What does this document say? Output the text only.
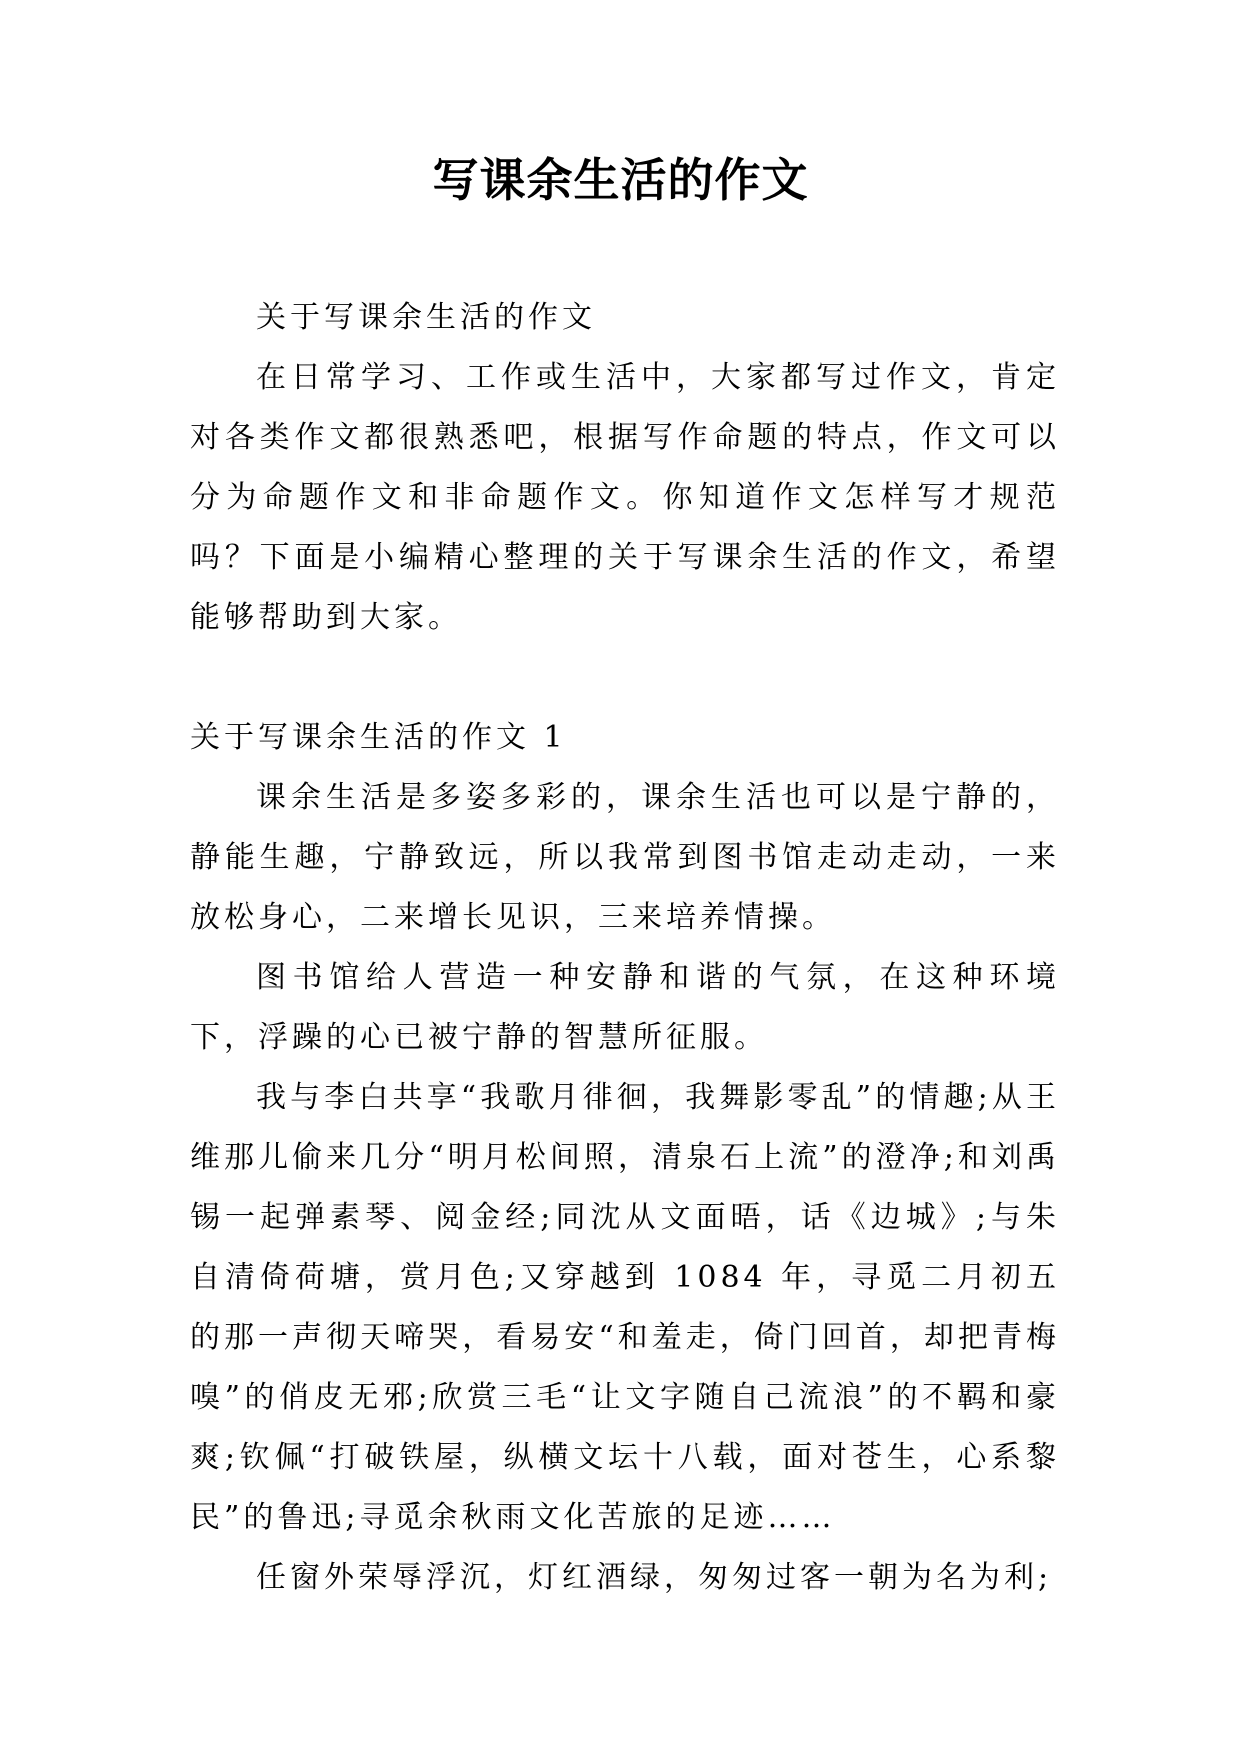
写课余生活的作文

关于写课余生活的作文

在日常学习、工作或生活中，大家都写过作文，肯定对各类作文都很熟悉吧，根据写作命题的特点，作文可以分为命题作文和非命题作文。你知道作文怎样写才规范吗？下面是小编精心整理的关于写课余生活的作文，希望能够帮助到大家。

关于写课余生活的作文 1

课余生活是多姿多彩的，课余生活也可以是宁静的，静能生趣，宁静致远，所以我常到图书馆走动走动，一来放松身心，二来增长见识，三来培养情操。

图书馆给人营造一种安静和谐的气氛，在这种环境下，浮躁的心已被宁静的智慧所征服。

我与李白共享“我歌月徘徊，我舞影零乱”的情趣;从王维那儿偷来几分“明月松间照，清泉石上流”的澄净;和刘禹锡一起弹素琴、阅金经;同沈从文面晤，话《边城》;与朱自清倚荷塘，赏月色;又穿越到 1084 年，寻觅二月初五的那一声彻天啼哭，看易安“和羞走，倚门回首，却把青梅嗅”的俏皮无邪;欣赏三毛“让文字随自己流浪”的不羁和豪爽;钦佩“打破铁屋，纵横文坛十八载，面对苍生，心系黎民”的鲁迅;寻觅余秋雨文化苦旅的足迹……

任窗外荣辱浮沉，灯红酒绿，匆匆过客一朝为名为利;
